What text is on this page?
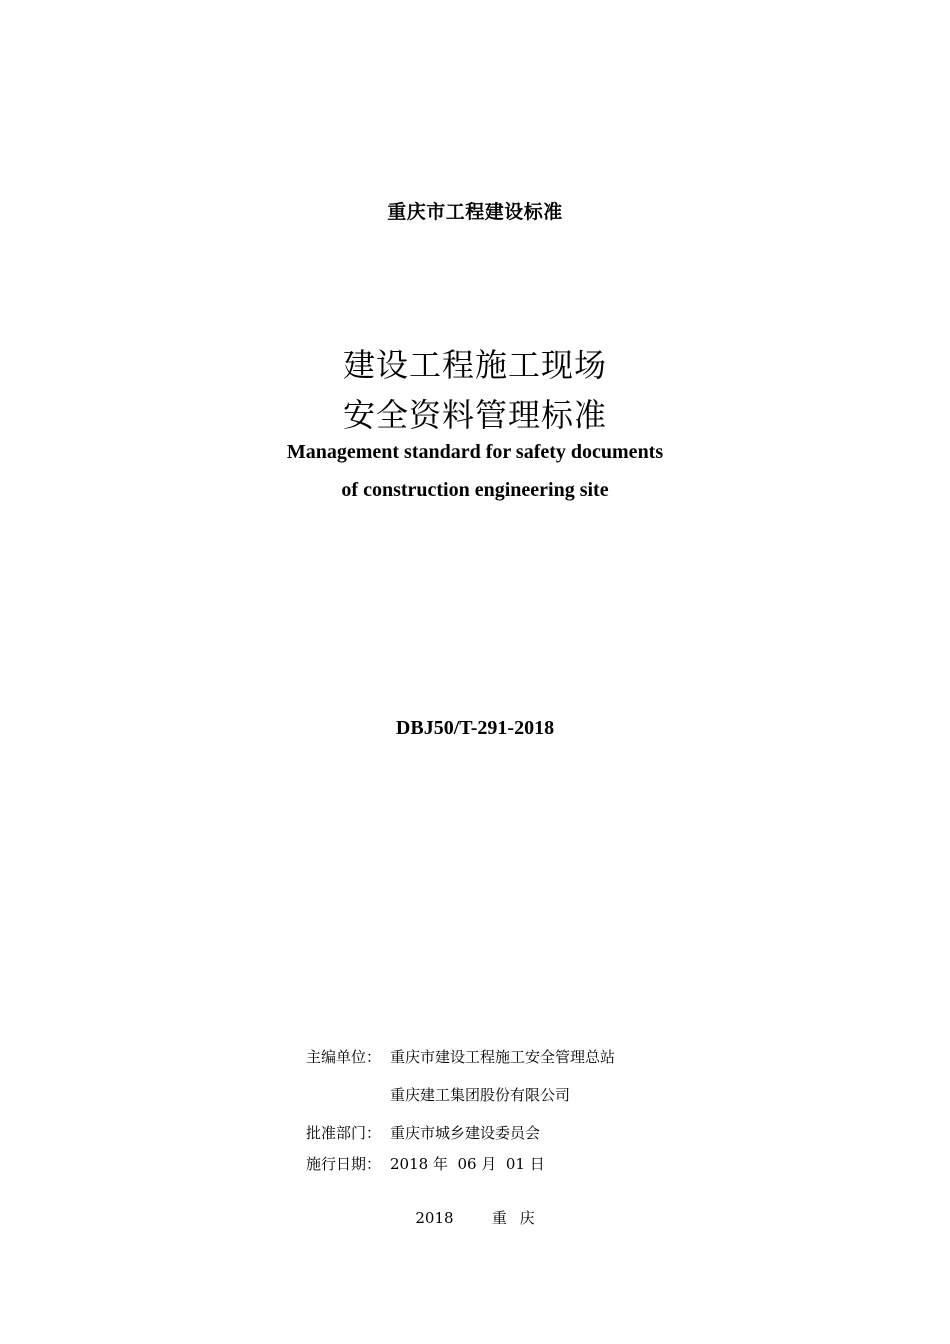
重庆市工程建设标准
建设工程施工现场
安全资料管理标准
Management standard for safety documents
of construction engineering site
DBJ50/T-291-2018
主编单位： 重庆市建设工程施工安全管理总站
重庆建工集团股份有限公司
批准部门： 重庆市城乡建设委员会
施行日期： 2018 年  06 月  01 日
2018   重 庆
